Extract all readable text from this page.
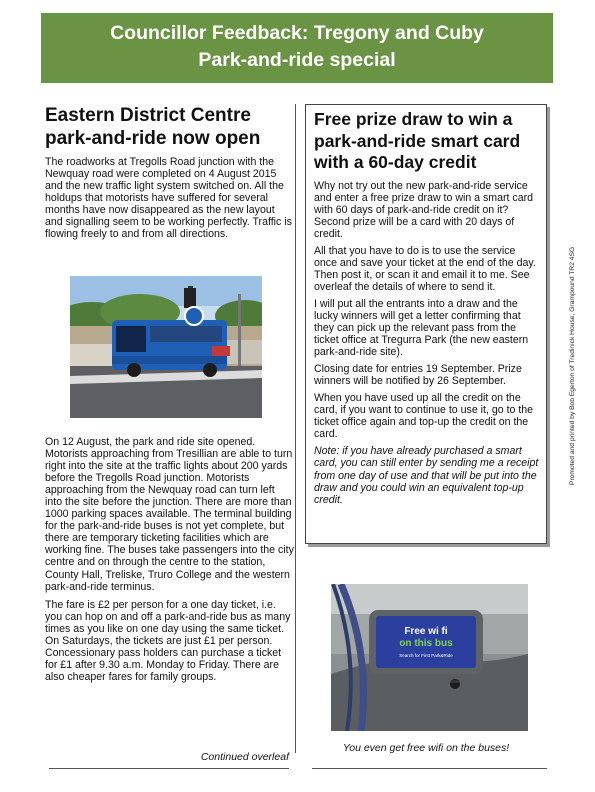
Councillor Feedback: Tregony and Cuby
Park-and-ride special
Eastern District Centre
park-and-ride now open

The roadworks at Tregolls Road junction with the Newquay road were completed on 4 August 2015 and the new traffic light system switched on. All the holdups that motorists have suffered for several months have now disappeared as the new layout and signalling seem to be working perfectly. Traffic is flowing freely to and from all directions.

On 12 August, the park and ride site opened. Motorists approaching from Tresillian are able to turn right into the site at the traffic lights about 200 yards before the Tregolls Road junction. Motorists approaching from the Newquay road can turn left into the site before the junction. There are more than 1000 parking spaces available. The terminal building for the park-and-ride buses is not yet complete, but there are temporary ticketing facilities which are working fine. The buses take passengers into the city centre and on through the centre to the station, County Hall, Treliske, Truro College and the western park-and-ride terminus.

The fare is £2 per person for a one day ticket, i.e. you can hop on and off a park-and-ride bus as many times as you like on one day using the same ticket. On Saturdays, the tickets are just £1 per person. Concessionary pass holders can purchase a ticket for £1 after 9.30 a.m. Monday to Friday. There are also cheaper fares for family groups.

Continued overleaf
Free prize draw to win a park-and-ride smart card with a 60-day credit

Why not try out the new park-and-ride service and enter a free prize draw to win a smart card with 60 days of park-and-ride credit on it? Second prize will be a card with 20 days of credit.

All that you have to do is to use the service once and save your ticket at the end of the day. Then post it, or scan it and email it to me. See overleaf the details of where to send it.

I will put all the entrants into a draw and the lucky winners will get a letter confirming that they can pick up the relevant pass from the ticket office at Tregurra Park (the new eastern park-and-ride site).

Closing date for entries 19 September. Prize winners will be notified by 26 September.

When you have used up all the credit on the card, if you want to continue to use it, go to the ticket office again and top-up the credit on the card.

Note: if you have already purchased a smart card, you can still enter by sending me a receipt from one day of use and that will be put into the draw and you could win an equivalent top-up credit.

Promoted and printed by Bob Egerton of Tredinick House, Grampound TR2 4SG
Free wi fi
on this bus
Search for First Park&Ride
You even get free wifi on the buses!
